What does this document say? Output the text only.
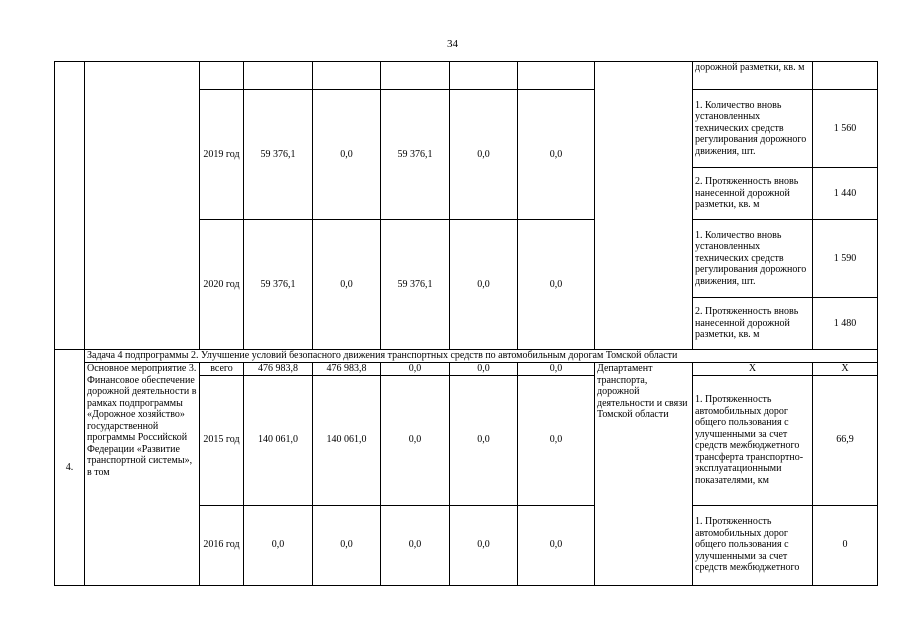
34
									дорожной разметки, кв. м	
		2019 год	59 376,1	0,0	59 376,1	0,0	0,0		1. Количество вновь установленных технических средств регулирования дорожного движения, шт.	1 560
									2. Протяженность вновь нанесенной дорожной разметки, кв. м	1 440
		2020 год	59 376,1	0,0	59 376,1	0,0	0,0		1. Количество вновь установленных технических средств регулирования дорожного движения, шт.	1 590
									2. Протяженность вновь нанесенной дорожной разметки, кв. м	1 480
4.	Задача 4 подпрограммы 2. Улучшение условий безопасного движения транспортных средств по автомобильным дорогам Томской области									
	Основное мероприятие 3. Финансовое обеспечение дорожной деятельности в рамках подпрограммы «Дорожное хозяйство» государственной программы Российской Федерации «Развитие транспортной системы», в том	всего	476 983,8	476 983,8	0,0	0,0	0,0	Департамент транспорта, дорожной деятельности и связи Томской области	X	X
		2015 год	140 061,0	140 061,0	0,0	0,0	0,0		1. Протяженность автомобильных дорог общего пользования с улучшенными за счет средств межбюджетного трансферта транспортно-эксплуатационными показателями, км	66,9
		2016 год	0,0	0,0	0,0	0,0	0,0		1. Протяженность автомобильных дорог общего пользования с улучшенными за счет средств межбюджетного	0
